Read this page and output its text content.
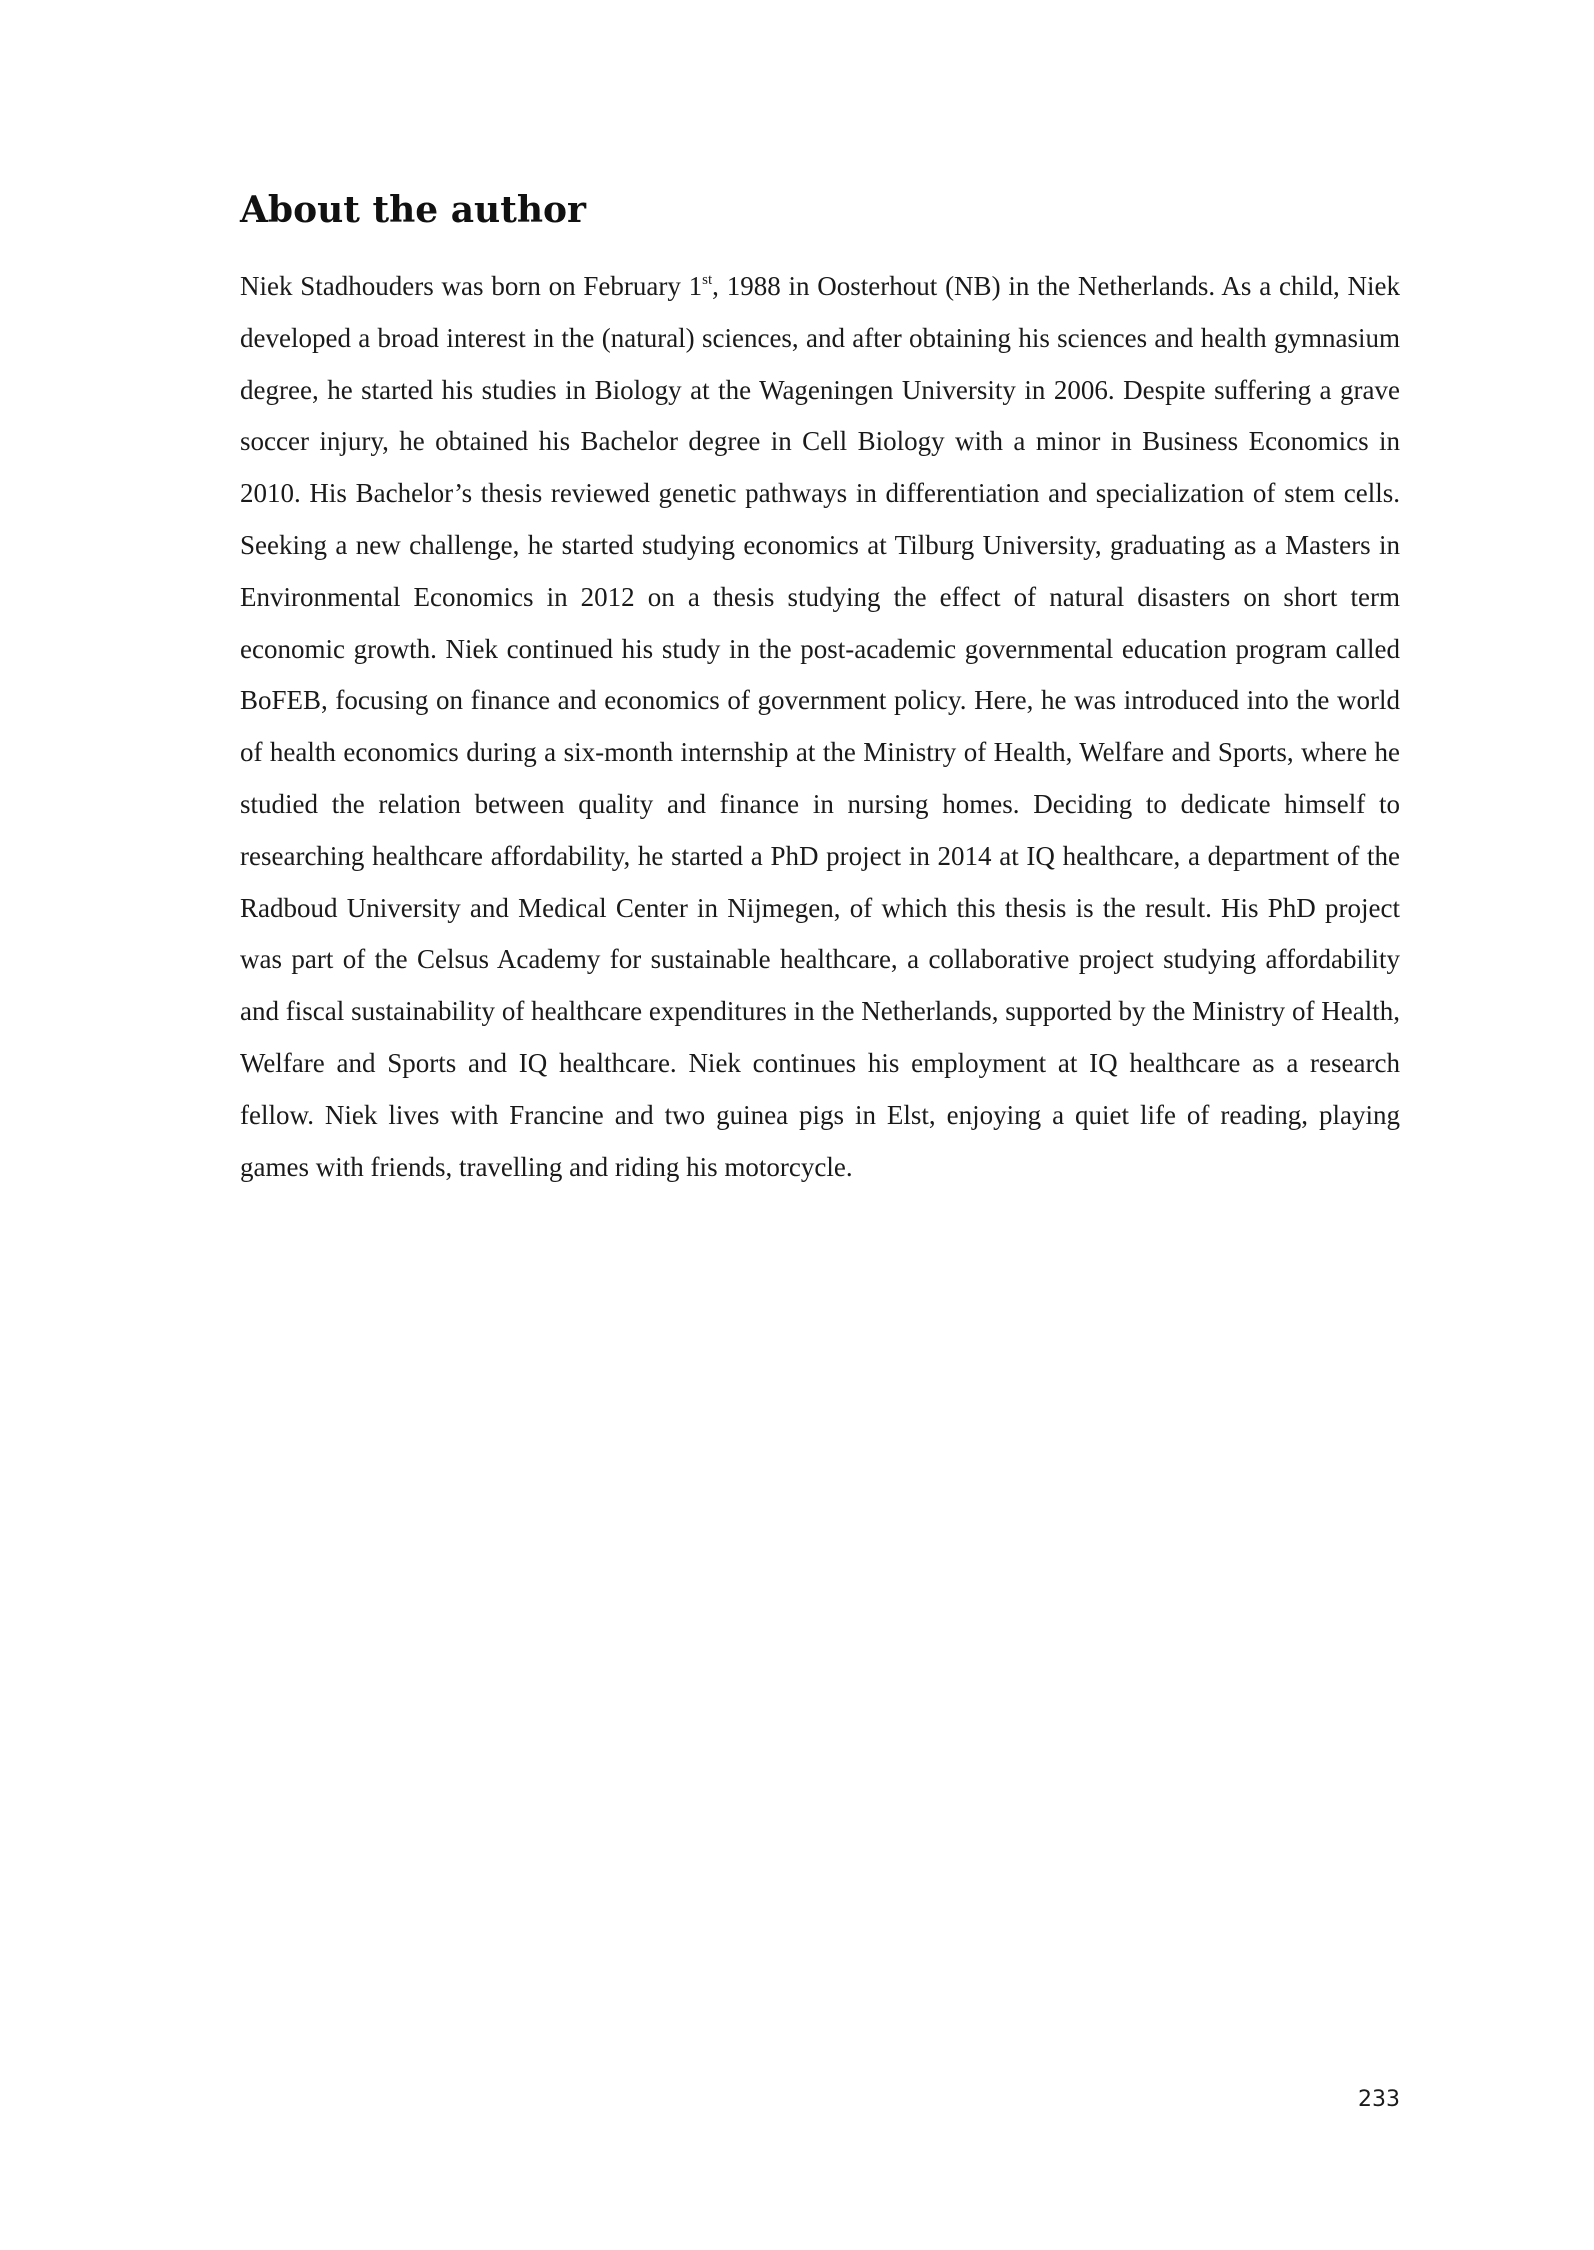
About the author

Niek Stadhouders was born on February 1st, 1988 in Oosterhout (NB) in the Netherlands. As a child, Niek developed a broad interest in the (natural) sciences, and after obtaining his sciences and health gymnasium degree, he started his studies in Biology at the Wageningen University in 2006. Despite suffering a grave soccer injury, he obtained his Bachelor degree in Cell Biology with a minor in Business Economics in 2010. His Bachelor’s thesis reviewed genetic pathways in differentiation and specialization of stem cells. Seeking a new challenge, he started studying economics at Tilburg University, graduating as a Masters in Environmental Economics in 2012 on a thesis studying the effect of natural disasters on short term economic growth. Niek continued his study in the post-academic governmental education program called BoFEB, focusing on finance and economics of government policy. Here, he was introduced into the world of health economics during a six-month internship at the Ministry of Health, Welfare and Sports, where he studied the relation between quality and finance in nursing homes. Deciding to dedicate himself to researching healthcare affordability, he started a PhD project in 2014 at IQ healthcare, a department of the Radboud University and Medical Center in Nijmegen, of which this thesis is the result. His PhD project was part of the Celsus Academy for sustainable healthcare, a collaborative project studying affordability and fiscal sustainability of healthcare expenditures in the Netherlands, supported by the Ministry of Health, Welfare and Sports and IQ healthcare. Niek continues his employment at IQ healthcare as a research fellow. Niek lives with Francine and two guinea pigs in Elst, enjoying a quiet life of reading, playing games with friends, travelling and riding his motorcycle.

233
